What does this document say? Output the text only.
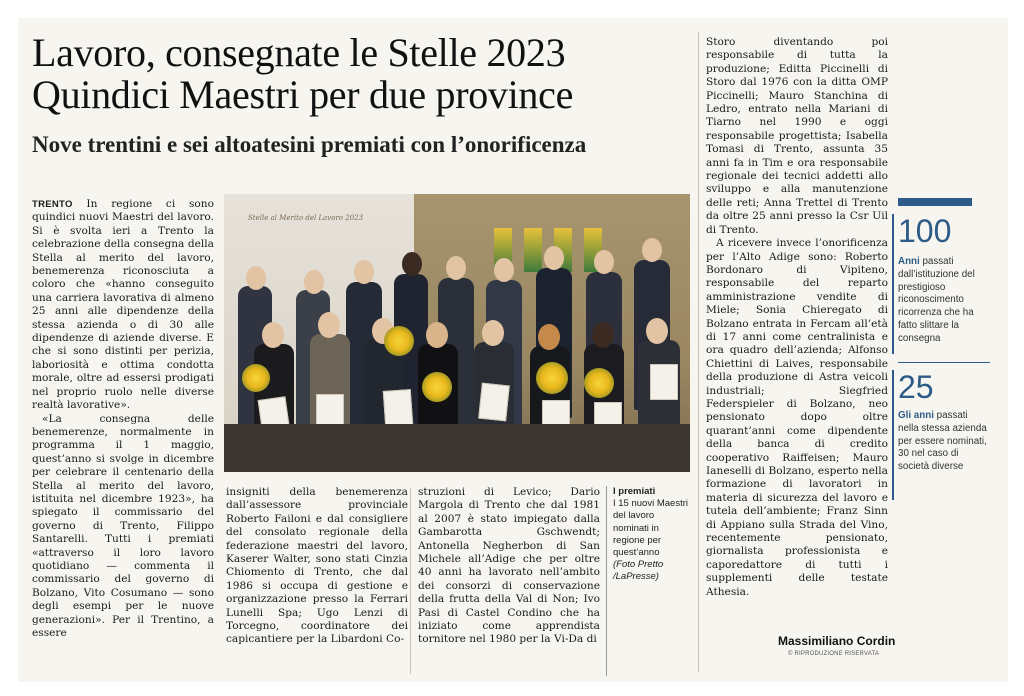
Lavoro, consegnate le Stelle 2023
Quindici Maestri per due province
Nove trentini e sei altoatesini premiati con l’onorificenza

TRENTO In regione ci sono quindici nuovi Maestri del lavoro. Si è svolta ieri a Trento la celebrazione della consegna della Stella al merito del lavoro, benemerenza riconosciuta a coloro che «hanno conseguito una carriera lavorativa di almeno 25 anni alle dipendenze della stessa azienda o di 30 alle dipendenze di aziende diverse. E che si sono distinti per perizia, laboriosità e ottima condotta morale, oltre ad essersi prodigati nel proprio ruolo nelle diverse realtà lavorative».

«La consegna delle benemerenze, normalmente in programma il 1 maggio, quest’anno si svolge in dicembre per celebrare il centenario della Stella al merito del lavoro, istituita nel dicembre 1923», ha spiegato il commissario del governo di Trento, Filippo Santarelli. Tutti i premiati «attraverso il loro lavoro quotidiano — commenta il commissario del governo di Bolzano, Vito Cosumano — sono degli esempi per le nuove generazioni». Per il Trentino, a essere

Stelle al Merito del Lavoro 2023
insigniti della benemerenza dall’assessore provinciale Roberto Failoni e dal consigliere del consolato regionale della federazione maestri del lavoro, Kaserer Walter, sono stati Cinzia Chiomento di Trento, che dal 1986 si occupa di gestione e organizzazione presso la Ferrari Lunelli Spa; Ugo Lenzi di Torcegno, coordinatore dei capicantiere per la Libardoni Co-
struzioni di Levico; Dario Margola di Trento che dal 1981 al 2007 è stato impiegato dalla Gambarotta Gschwendt; Antonella Negherbon di San Michele all’Adige che per oltre 40 anni ha lavorato nell’ambito dei consorzi di conservazione della frutta della Val di Non; Ivo Pasi di Castel Condino che ha iniziato come apprendista tornitore nel 1980 per la Vi-Da di
I premiati
I 15 nuovi Maestri del lavoro nominati in regione per quest’anno
(Foto Pretto /LaPresse)

Storo diventando poi responsabile di tutta la produzione; Editta Piccinelli di Storo dal 1976 con la ditta OMP Piccinelli; Mauro Stanchina di Ledro, entrato nella Mariani di Tiarno nel 1990 e oggi responsabile progettista; Isabella Tomasi di Trento, assunta 35 anni fa in Tim e ora responsabile regionale dei tecnici addetti allo sviluppo e alla manutenzione delle reti; Anna Trettel di Trento da oltre 25 anni presso la Csr Uil di Trento.

A ricevere invece l’onorificenza per l’Alto Adige sono: Roberto Bordonaro di Vipiteno, responsabile del reparto amministrazione vendite di Miele; Sonia Chieregato di Bolzano entrata in Fercam all’età di 17 anni come centralinista e ora quadro dell’azienda; Alfonso Chiettini di Laives, responsabile della produzione di Astra veicoli industriali; Siegfried Federspieler di Bolzano, neo pensionato dopo oltre quarant’anni come dipendente della banca di credito cooperativo Raiffeisen; Mauro Ianeselli di Bolzano, esperto nella formazione di lavoratori in materia di sicurezza del lavoro e tutela dell’ambiente; Franz Sinn di Appiano sulla Strada del Vino, recentemente pensionato, giornalista professionista e caporedattore di tutti i supplementi delle testate Athesia.

Massimiliano Cordin
© RIPRODUZIONE RISERVATA
100
Anni passati dall’istituzione del prestigioso riconoscimento ricorrenza che ha fatto slittare la consegna
25
Gli anni passati nella stessa azienda per essere nominati, 30 nel caso di società diverse
